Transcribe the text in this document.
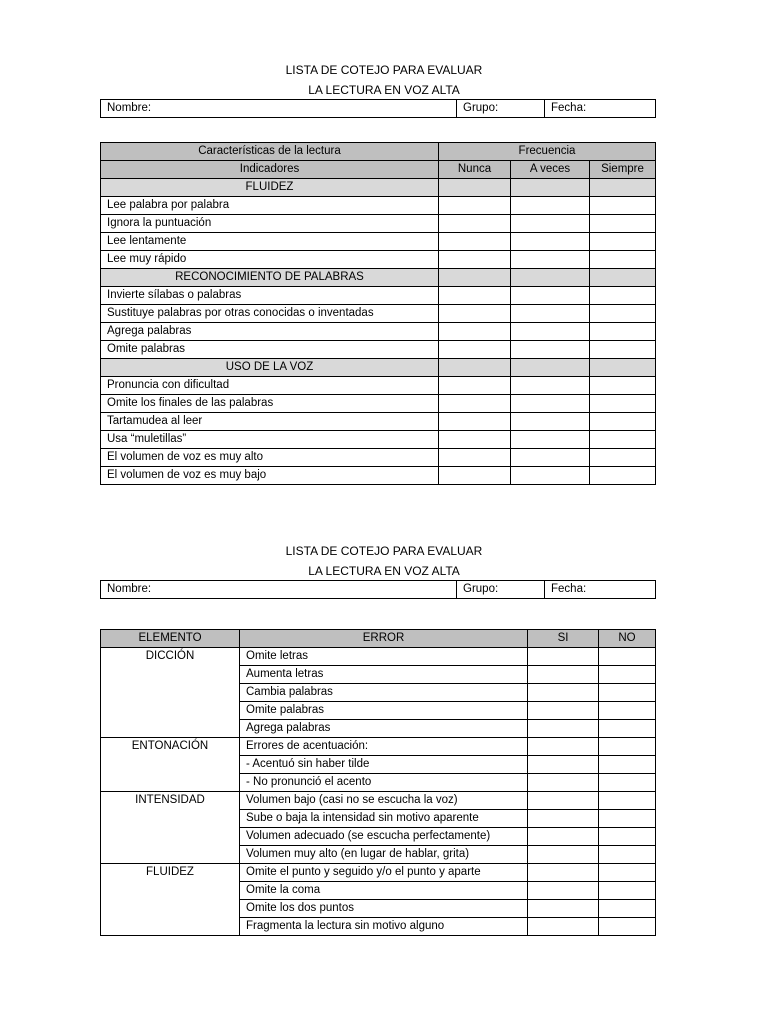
LISTA DE COTEJO PARA EVALUAR
LA LECTURA EN VOZ ALTA
Nombre:	Grupo:	Fecha:
Características de la lectura	Frecuencia		
Indicadores	Nunca	A veces	Siempre
FLUIDEZ			
Lee palabra por palabra			
Ignora la puntuación			
Lee lentamente			
Lee muy rápido			
RECONOCIMIENTO DE PALABRAS			
Invierte sílabas o palabras			
Sustituye palabras por otras conocidas o inventadas			
Agrega palabras			
Omite palabras			
USO DE LA VOZ			
Pronuncia con dificultad			
Omite los finales de las palabras			
Tartamudea al leer			
Usa “muletillas”			
El volumen de voz es muy alto			
El volumen de voz es muy bajo			
LISTA DE COTEJO PARA EVALUAR
LA LECTURA EN VOZ ALTA
Nombre:	Grupo:	Fecha:
ELEMENTO	ERROR	SI	NO
DICCIÓN	Omite letras		
	Aumenta letras		
	Cambia palabras		
	Omite palabras		
	Agrega palabras		
ENTONACIÓN	Errores de acentuación:		
	- Acentuó sin haber tilde		
	- No pronunció el acento		
INTENSIDAD	Volumen bajo (casi no se escucha la voz)		
	Sube o baja la intensidad sin motivo aparente		
	Volumen adecuado (se escucha perfectamente)		
	Volumen muy alto (en lugar de hablar, grita)		
FLUIDEZ	Omite el punto y seguido y/o el punto y aparte		
	Omite la coma		
	Omite los dos puntos		
	Fragmenta la lectura sin motivo alguno		
